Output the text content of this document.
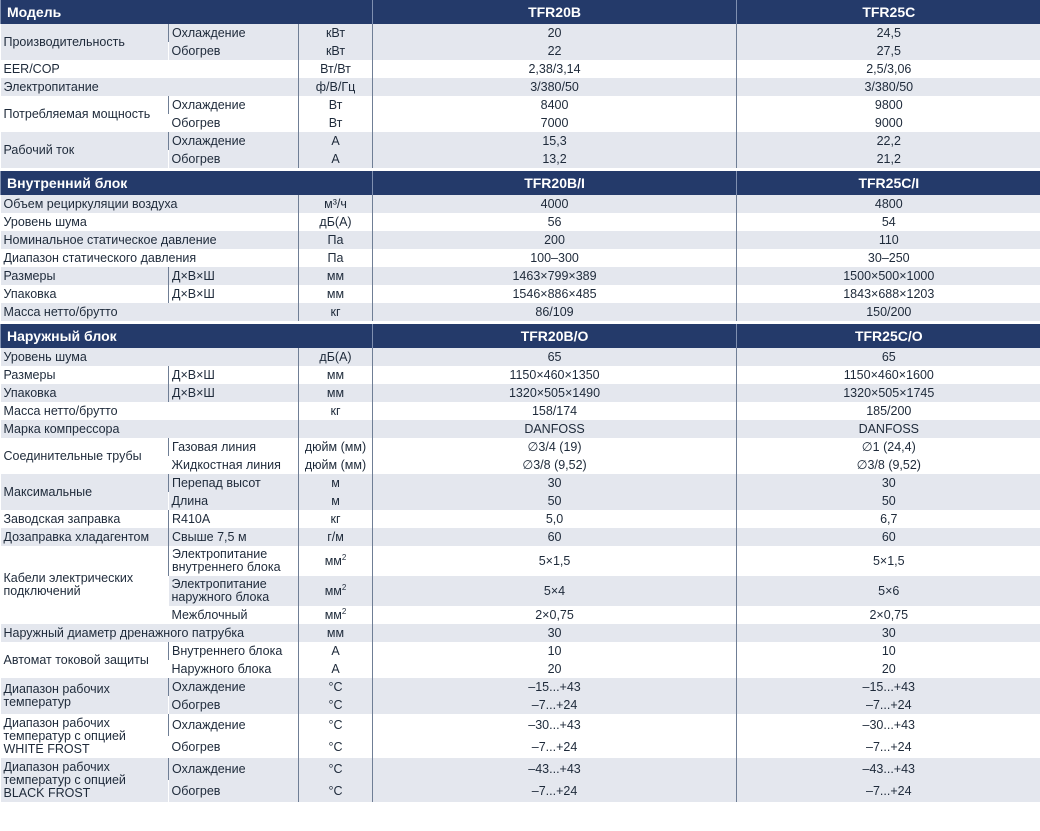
Модель			TFR20B	TFR25C
Производительность	Охлаждение	кВт	20	24,5
	Обогрев	кВт	22	27,5
EER/COP		Вт/Вт	2,38/3,14	2,5/3,06
Электропитание		ф/В/Гц	3/380/50	3/380/50
Потребляемая мощность	Охлаждение	Вт	8400	9800
	Обогрев	Вт	7000	9000
Рабочий ток	Охлаждение	А	15,3	22,2
	Обогрев	А	13,2	21,2

Внутренний блок			TFR20B/I	TFR25C/I
Объем рециркуляции воздуха		м³/ч	4000	4800
Уровень шума		дБ(А)	56	54
Номинальное статическое давление		Па	200	110
Диапазон статического давления		Па	100–300	30–250
Размеры	Д×В×Ш	мм	1463×799×389	1500×500×1000
Упаковка	Д×В×Ш	мм	1546×886×485	1843×688×1203
Масса нетто/брутто		кг	86/109	150/200

Наружный блок			TFR20B/O	TFR25C/O
Уровень шума		дБ(А)	65	65
Размеры	Д×В×Ш	мм	1150×460×1350	1150×460×1600
Упаковка	Д×В×Ш	мм	1320×505×1490	1320×505×1745
Масса нетто/брутто		кг	158/174	185/200
Марка компрессора			DANFOSS	DANFOSS
Соединительные трубы	Газовая линия	дюйм (мм)	∅3/4 (19)	∅1 (24,4)
	Жидкостная линия	дюйм (мм)	∅3/8 (9,52)	∅3/8 (9,52)
Максимальные	Перепад высот	м	30	30
	Длина	м	50	50
Заводская заправка	R410A	кг	5,0	6,7
Дозаправка хладагентом	Свыше 7,5 м	г/м	60	60
Кабели электрических подключений	Электропитание внутреннего блока	$мм^2$	5×1,5	5×1,5
	Электропитание наружного блока	$мм^2$	5×4	5×6
	Межблочный	$мм^2$	2×0,75	2×0,75
Наружный диаметр дренажного патрубка		мм	30	30
Автомат токовой защиты	Внутреннего блока	А	10	10
	Наружного блока	А	20	20
Диапазон рабочих температур	Охлаждение	°С	–15...+43	–15...+43
	Обогрев	°С	–7...+24	–7...+24
Диапазон рабочих температур с опцией WHITE FROST	Охлаждение	°С	–30...+43	–30...+43
	Обогрев	°С	–7...+24	–7...+24
Диапазон рабочих температур с опцией BLACK FROST	Охлаждение	°С	–43...+43	–43...+43
	Обогрев	°С	–7...+24	–7...+24
